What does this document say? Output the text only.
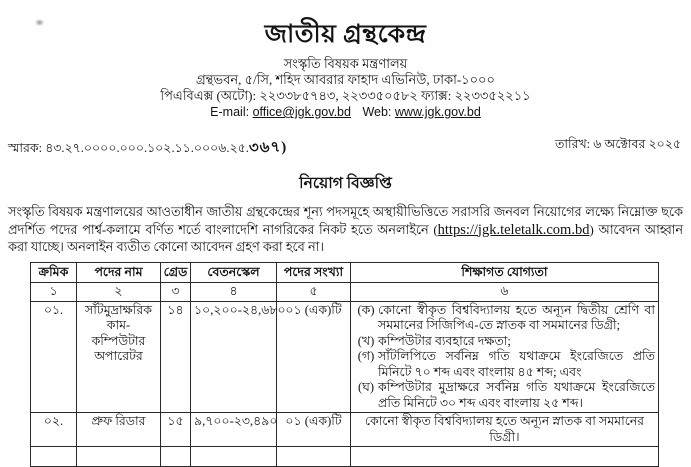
জাতীয় গ্রন্থকেন্দ্র
সংস্কৃতি বিষয়ক মন্ত্রণালয়
গ্রন্থভবন, ৫/সি, শহিদ আবরার ফাহাদ এভিনিউ, ঢাকা-১০০০
পিএবিএক্স (অটো): ২২৩৩৮৫৭৪৩, ২২৩৩৫০৫৮২ ফ্যাক্স: ২২৩৩৫২২১১
E-mail: office@jgk.gov.bd Web: www.jgk.gov.bd
স্মারক: ৪৩.২৭.০০০০.০০০.১০২.১১.০০০৬.২৫.৩৬৭)	তারিখ: ৬ অক্টোবর ২০২৫
নিয়োগ বিজ্ঞপ্তি

সংস্কৃতি বিষয়ক মন্ত্রণালয়ের আওতাধীন জাতীয় গ্রন্থকেন্দ্রের শূন্য পদসমূহে অস্থায়ীভিত্তিতে সরাসরি জনবল নিয়োগের লক্ষ্যে নিম্নোক্ত ছকে প্রদর্শিত পদের পার্শ্ব-কলামে বর্ণিত শর্তে বাংলাদেশি নাগরিকের নিকট হতে অনলাইনে (https://jgk.teletalk.com.bd) আবেদন আহ্বান করা যাচ্ছে। অনলাইন ব্যতীত কোনো আবেদন গ্রহণ করা হবে না।

ক্রমিক	পদের নাম	গ্রেড	বেতনস্কেল	পদের সংখ্যা	শিক্ষাগত যোগ্যতা
১	২	৩	৪	৫	৬
০১.	সাঁটমুদ্রাক্ষরিক কাম-কম্পিউটার অপারেটর	১৪	১০,২০০-২৪,৬৮০	০১ (এক)টি	(ক) কোনো স্বীকৃত বিশ্ববিদ্যালয় হতে অন্যূন দ্বিতীয় শ্রেণি বা সমমানের সিজিপিএ-তে স্নাতক বা সমমানের ডিগ্রী;
(খ) কম্পিউটার ব্যবহারে দক্ষতা;
(গ) সাঁটলিপিতে সর্বনিম্ন গতি যথাক্রমে ইংরেজিতে প্রতি মিনিটে ৭০ শব্দ এবং বাংলায় ৪৫ শব্দ; এবং
(ঘ) কম্পিউটার মুদ্রাক্ষরে সর্বনিম্ন গতি যথাক্রমে ইংরেজিতে প্রতি মিনিটে ৩০ শব্দ এবং বাংলায় ২৫ শব্দ।

০২.	প্রুফ রিডার	১৫	৯,৭০০-২৩,৪৯০	০১ (এক)টি	কোনো স্বীকৃত বিশ্ববিদ্যালয় হতে অন্যূন স্নাতক বা সমমানের ডিগ্রী।
